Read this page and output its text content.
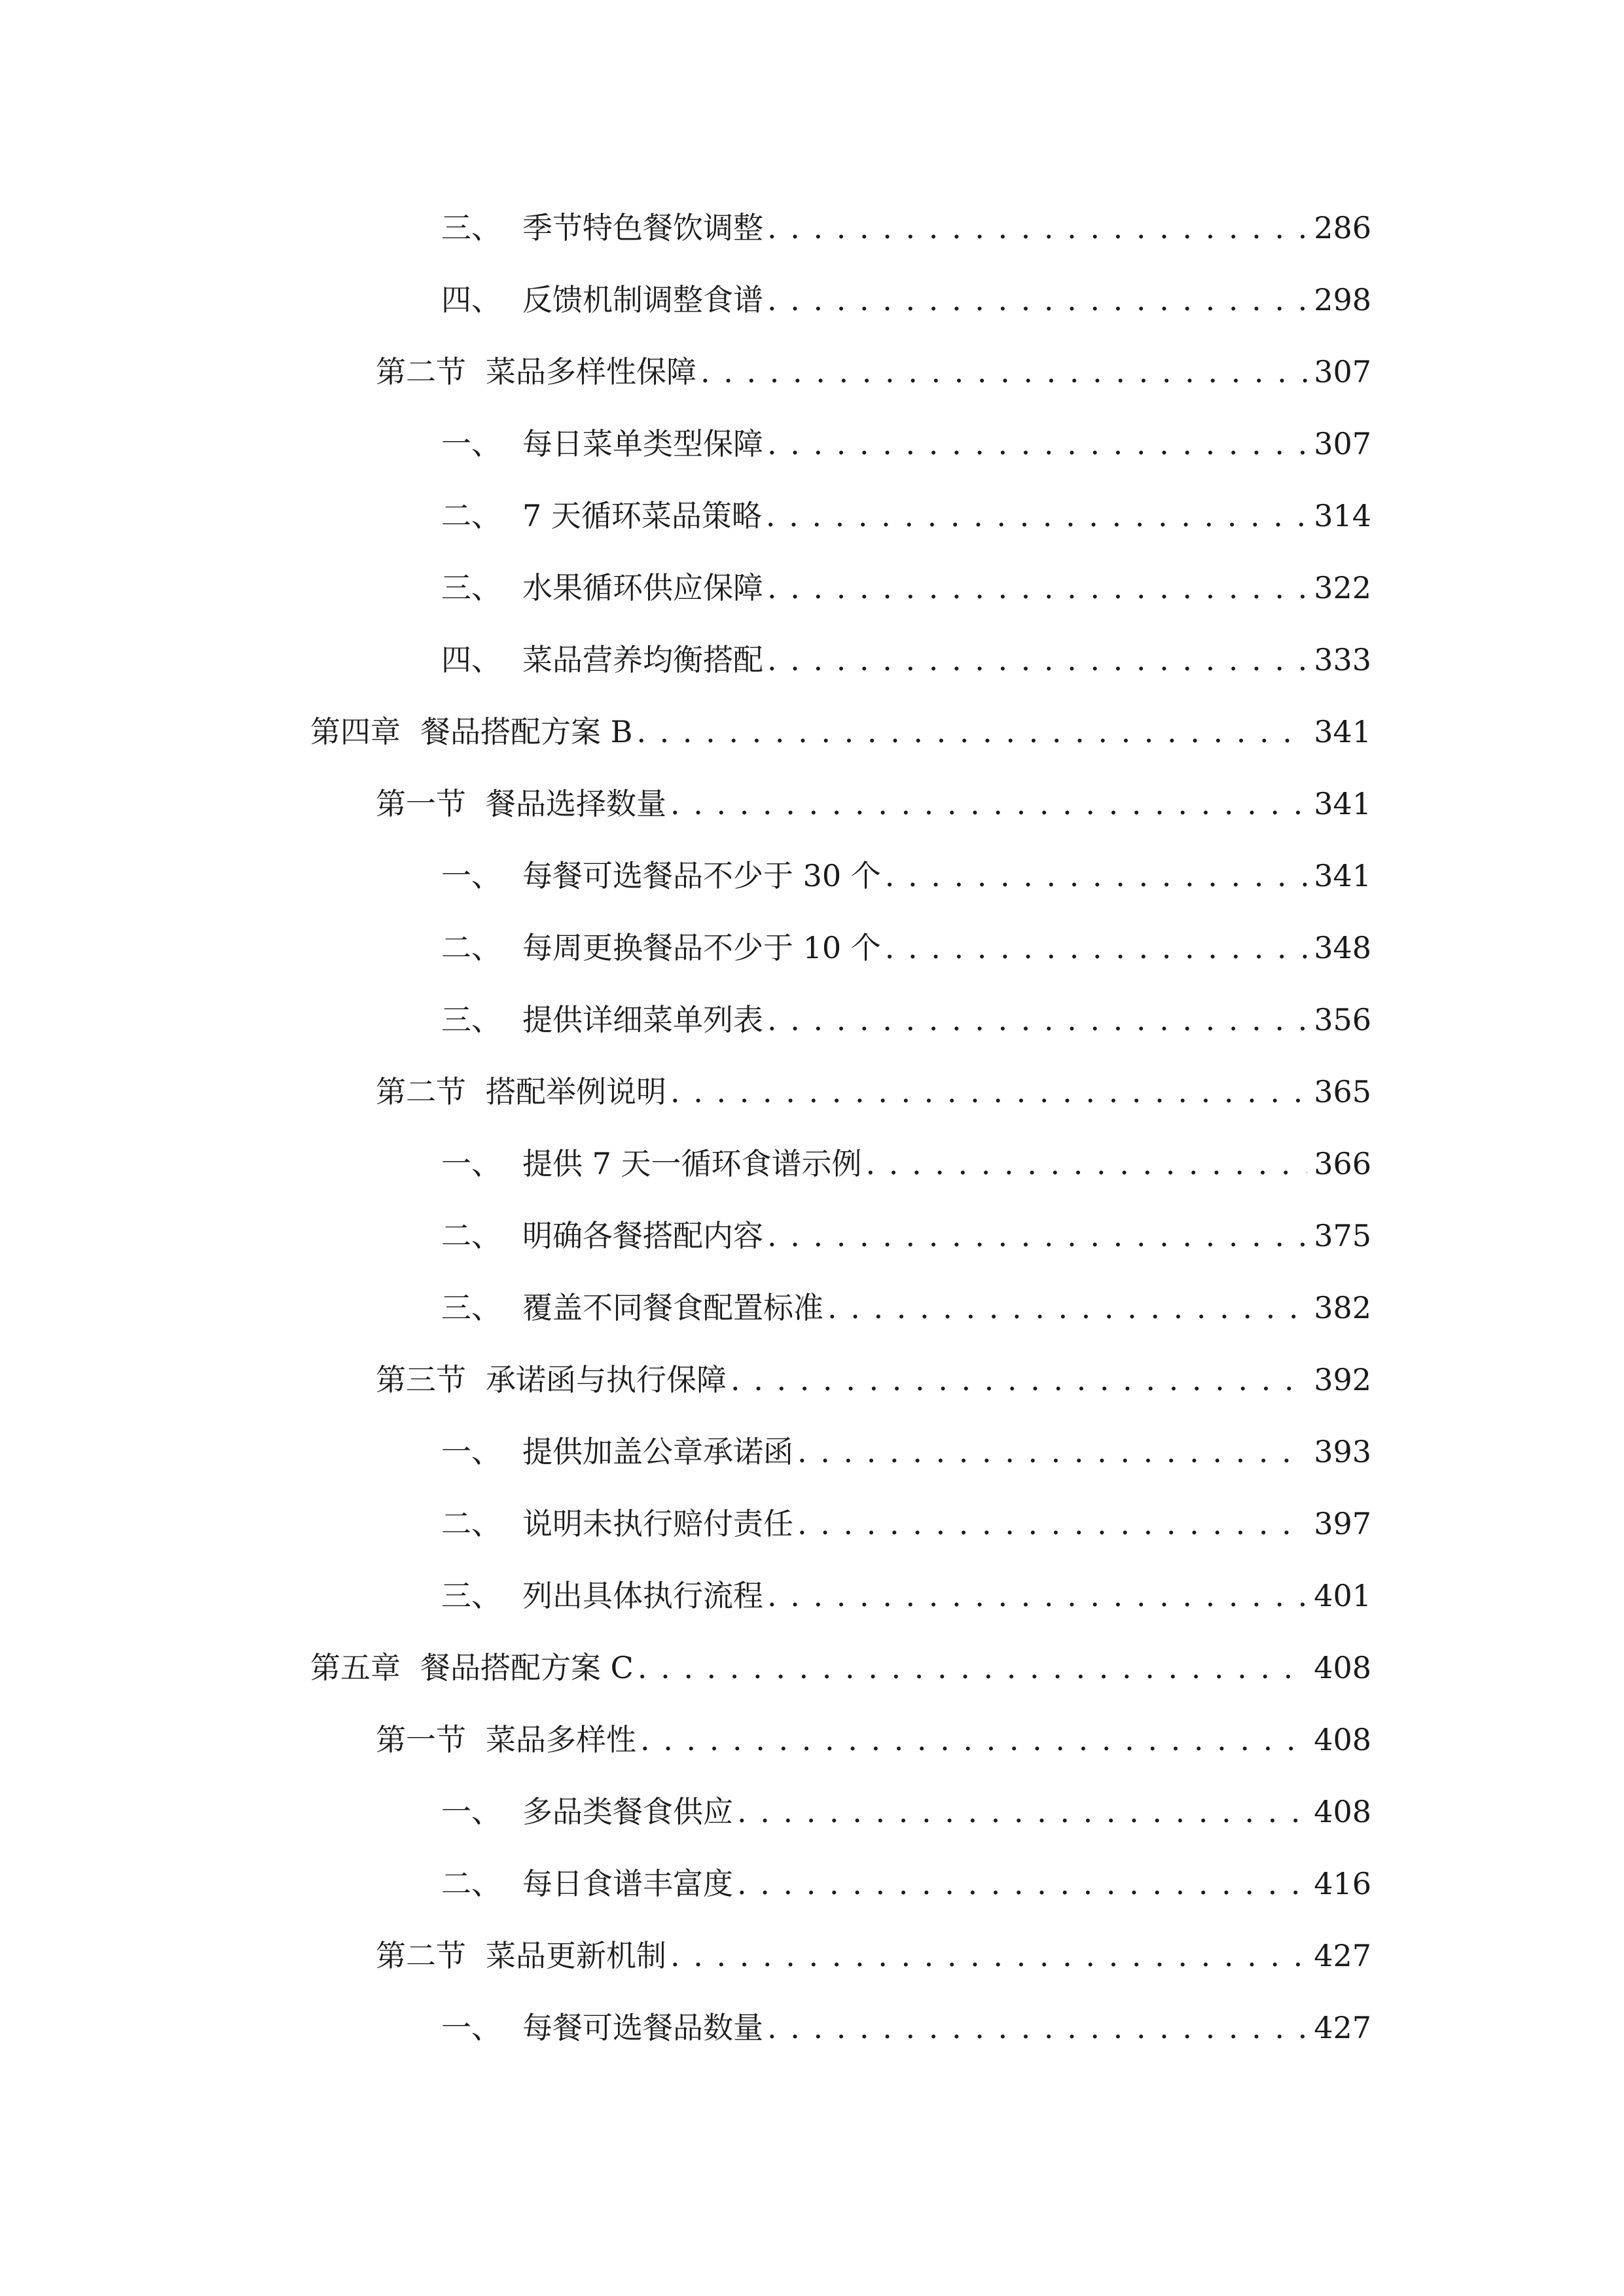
三、 季节特色餐饮调整 . . .	286
四、 反馈机制调整食谱 . . .	298
第二节 菜品多样性保障 . . .	307
一、 每日菜单类型保障 . . .	307
二、 7 天循环菜品策略 . . .	314
三、 水果循环供应保障 . . .	322
四、 菜品营养均衡搭配 . . .	333
第四章 餐品搭配方案 B . . .	341
第一节 餐品选择数量 . . .	341
一、 每餐可选餐品不少于 30 个 . . .	341
二、 每周更换餐品不少于 10 个 . . .	348
三、 提供详细菜单列表 . . .	356
第二节 搭配举例说明 . . .	365
一、 提供 7 天一循环食谱示例 . . .	366
二、 明确各餐搭配内容 . . .	375
三、 覆盖不同餐食配置标准 . . .	382
第三节 承诺函与执行保障 . . .	392
一、 提供加盖公章承诺函 . . .	393
二、 说明未执行赔付责任 . . .	397
三、 列出具体执行流程 . . .	401
第五章 餐品搭配方案 C . . .	408
第一节 菜品多样性 . . .	408
一、 多品类餐食供应 . . .	408
二、 每日食谱丰富度 . . .	416
第二节 菜品更新机制 . . .	427
一、 每餐可选餐品数量 . . .	427
